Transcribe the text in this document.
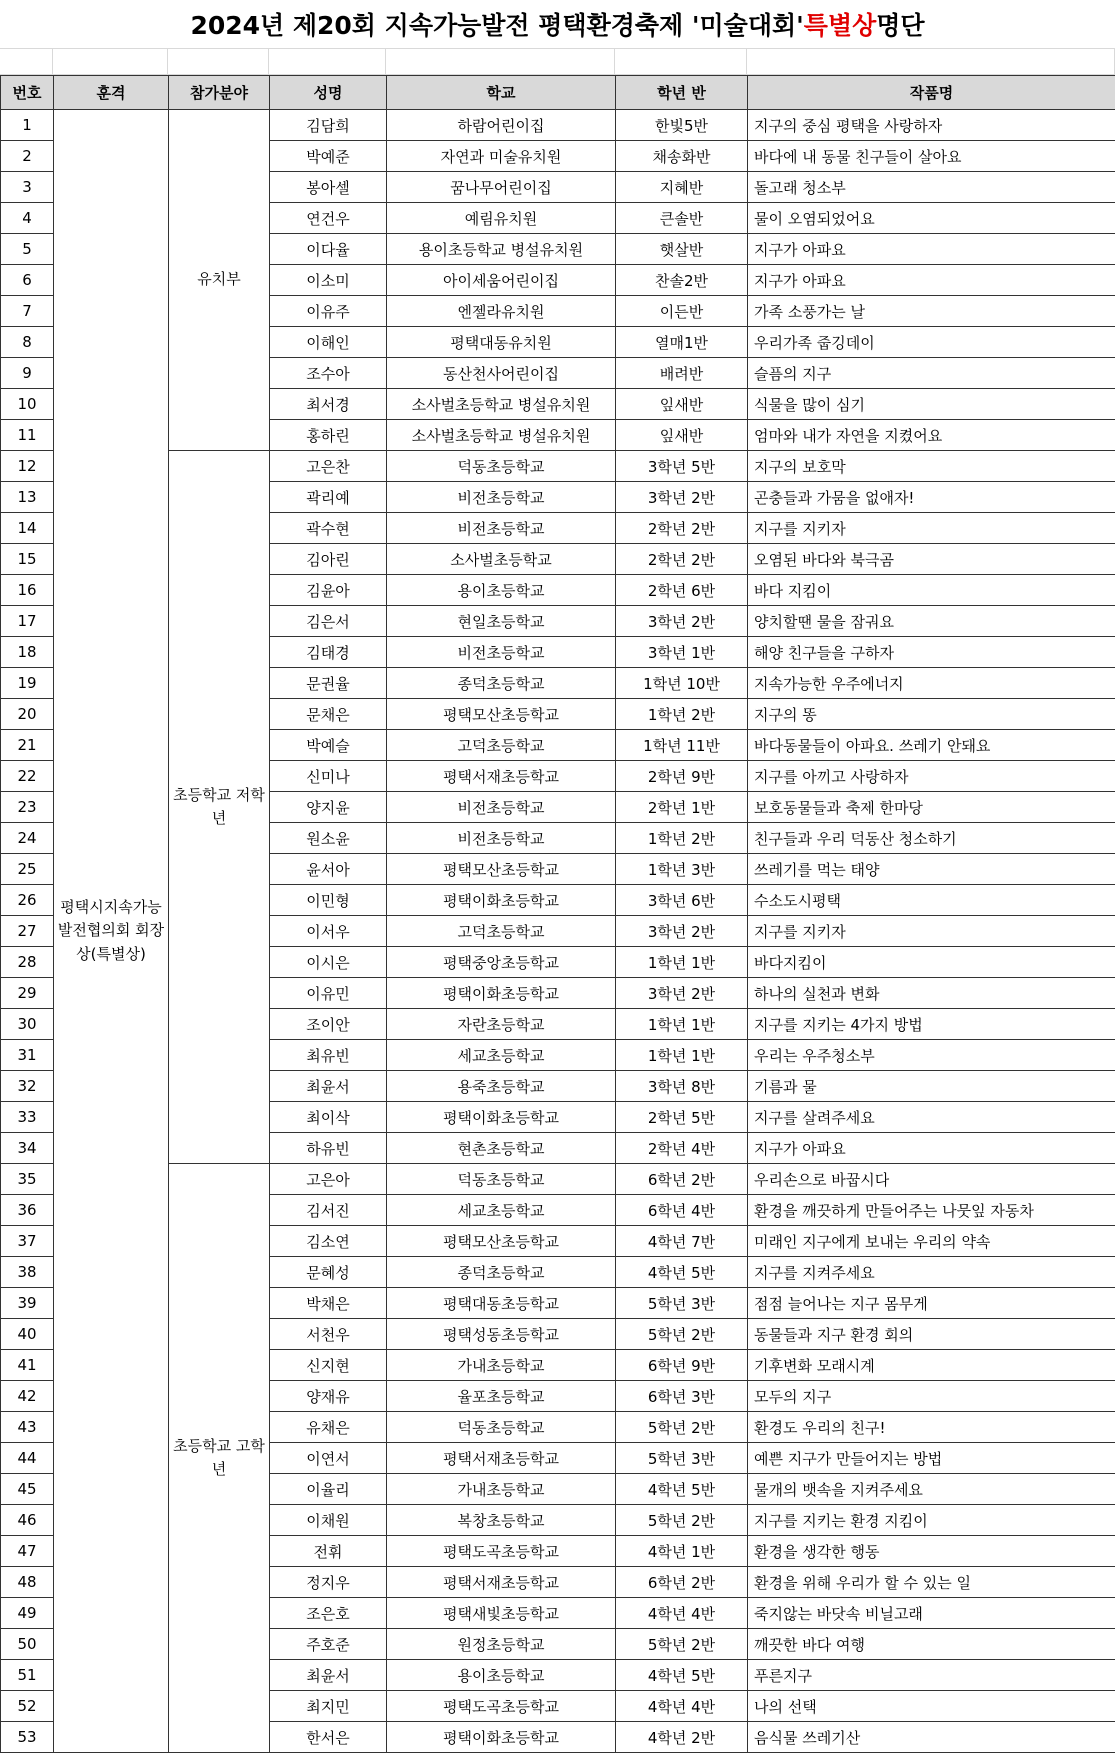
2024년 제20회 지속가능발전 평택환경축제 '미술대회' 특별상 명단
번호	훈격	참가분야	성명	학교	학년 반	작품명
1	평택시지속가능발전협의회 회장상(특별상)	유치부	김담희	하람어린이집	한빛5반	지구의 중심 평택을 사랑하자
2			박예준	자연과 미술유치원	채송화반	바다에 내 동물 친구들이 살아요
3			봉아셀	꿈나무어린이집	지혜반	돌고래 청소부
4			연건우	예림유치원	큰솔반	물이 오염되었어요
5			이다율	용이초등학교 병설유치원	햇살반	지구가 아파요
6			이소미	아이세움어린이집	찬솔2반	지구가 아파요
7			이유주	엔젤라유치원	이든반	가족 소풍가는 날
8			이해인	평택대동유치원	열매1반	우리가족 줍깅데이
9			조수아	동산천사어린이집	배려반	슬픔의 지구
10			최서경	소사벌초등학교 병설유치원	잎새반	식물을 많이 심기
11			홍하린	소사벌초등학교 병설유치원	잎새반	엄마와 내가 자연을 지켰어요
12		초등학교 저학년	고은찬	덕동초등학교	3학년 5반	지구의 보호막
13			곽리예	비전초등학교	3학년 2반	곤충들과 가뭄을 없애자!
14			곽수현	비전초등학교	2학년 2반	지구를 지키자
15			김아린	소사벌초등학교	2학년 2반	오염된 바다와 북극곰
16			김윤아	용이초등학교	2학년 6반	바다 지킴이
17			김은서	현일초등학교	3학년 2반	양치할땐 물을 잠궈요
18			김태경	비전초등학교	3학년 1반	해양 친구들을 구하자
19			문권율	종덕초등학교	1학년 10반	지속가능한 우주에너지
20			문채은	평택모산초등학교	1학년 2반	지구의 똥
21			박예슬	고덕초등학교	1학년 11반	바다동물들이 아파요. 쓰레기 안돼요
22			신미나	평택서재초등학교	2학년 9반	지구를 아끼고 사랑하자
23			양지윤	비전초등학교	2학년 1반	보호동물들과 축제 한마당
24			원소윤	비전초등학교	1학년 2반	친구들과 우리 덕동산 청소하기
25			윤서아	평택모산초등학교	1학년 3반	쓰레기를 먹는 태양
26			이민형	평택이화초등학교	3학년 6반	수소도시평택
27			이서우	고덕초등학교	3학년 2반	지구를 지키자
28			이시은	평택중앙초등학교	1학년 1반	바다지킴이
29			이유민	평택이화초등학교	3학년 2반	하나의 실천과 변화
30			조이안	자란초등학교	1학년 1반	지구를 지키는 4가지 방법
31			최유빈	세교초등학교	1학년 1반	우리는 우주청소부
32			최윤서	용죽초등학교	3학년 8반	기름과 물
33			최이삭	평택이화초등학교	2학년 5반	지구를 살려주세요
34			하유빈	현촌초등학교	2학년 4반	지구가 아파요
35		초등학교 고학년	고은아	덕동초등학교	6학년 2반	우리손으로 바꿉시다
36			김서진	세교초등학교	6학년 4반	환경을 깨끗하게 만들어주는 나뭇잎 자동차
37			김소연	평택모산초등학교	4학년 7반	미래인 지구에게 보내는 우리의 약속
38			문혜성	종덕초등학교	4학년 5반	지구를 지켜주세요
39			박채은	평택대동초등학교	5학년 3반	점점 늘어나는 지구 몸무게
40			서천우	평택성동초등학교	5학년 2반	동물들과 지구 환경 회의
41			신지현	가내초등학교	6학년 9반	기후변화 모래시계
42			양재유	율포초등학교	6학년 3반	모두의 지구
43			유채은	덕동초등학교	5학년 2반	환경도 우리의 친구!
44			이연서	평택서재초등학교	5학년 3반	예쁜 지구가 만들어지는 방법
45			이율리	가내초등학교	4학년 5반	물개의 뱃속을 지켜주세요
46			이채원	복창초등학교	5학년 2반	지구를 지키는 환경 지킴이
47			전휘	평택도곡초등학교	4학년 1반	환경을 생각한 행동
48			정지우	평택서재초등학교	6학년 2반	환경을 위해 우리가 할 수 있는 일
49			조은호	평택새빛초등학교	4학년 4반	죽지않는 바닷속 비닐고래
50			주호준	원정초등학교	5학년 2반	깨끗한 바다 여행
51			최윤서	용이초등학교	4학년 5반	푸른지구
52			최지민	평택도곡초등학교	4학년 4반	나의 선택
53			한서은	평택이화초등학교	4학년 2반	음식물 쓰레기산
